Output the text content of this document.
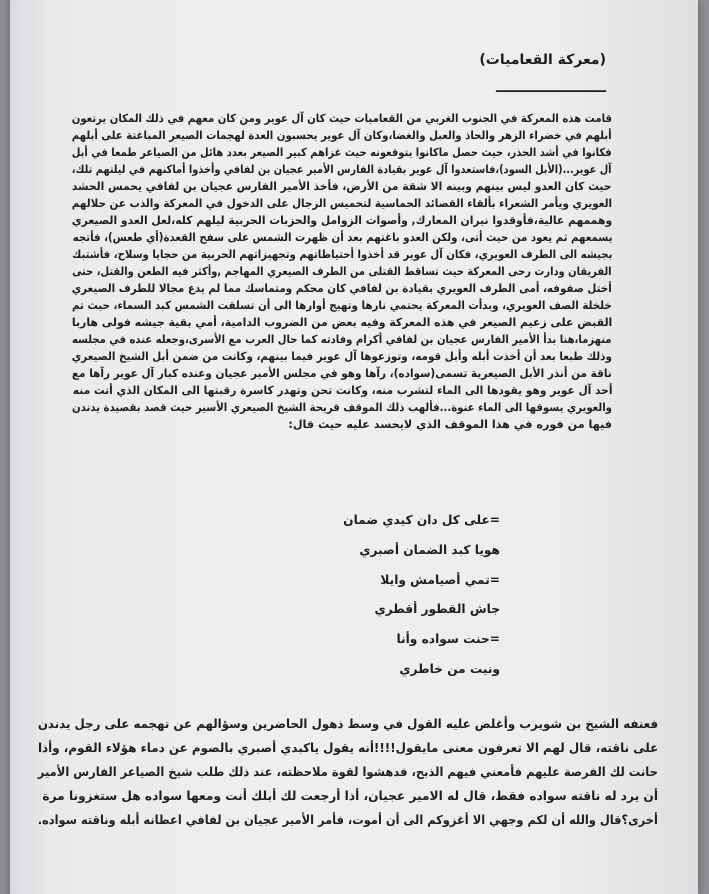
(معركة القعاميات)
ـــــــــــــــــــــــ
قامت هذه المعركة في الجنوب الغربي من القعاميات حيث كان آل عوير ومن كان معهم في ذلك المكان يرتعون
أبلهم في خضراء الزهر والحاذ والعبل والغضا،وكان آل عوير يحسبون العدة لهجمات الصيعر المباغتة على أبلهم
فكانوا في أشد الحذر، حيث حصل ماكانوا يتوقعونه حيث غزاهم كبير الصيعر بعدد هائل من الصياعر طمعا في أبل
آل عوير...(الأبل السود)،فاستعدوا آل عوير بقيادة الفارس الأمير عجيان بن لفافي وأخذوا أماكنهم في ليلتهم تلك،
حيث كان العدو ليس بينهم وبينه الا شقة من الأرض، فأخذ الأمير الفارس عجيان بن لفافي يحمس الحشد
العويري ويأمر الشعراء بألقاء القصائد الحماسية لتحميس الرجال على الدخول في المعركة والذب عن حلالهم
وهممهم عالية،فأوقدوا نيران المعارك, وأصوات الزوامل والحزبات الحربية ليلهم كله،لعل العدو الصيعري
يسمعهم ثم يعود من حيث أتى، ولكن العدو باغتهم بعد أن ظهرت الشمس على سفح القعدة(أي طعس)، فأتجه
بجيشه الى الطرف العويري، فكان آل عوير قد أخذوا أحتياطاتهم وتجهيزاتهم الحربية من حجايا وسلاح، فأشتبك
الفريقان ودارت رحى المعركة حيث تساقط القتلى من الطرف الصيعري المهاجم ,وأكثر فيه الطعن والقتل، حتى
أختل صفوفه، أمى الطرف العويري بقيادة بن لفافي كان محكم ومتماسك مما لم يدع مجالا للطرف الصيعري
خلخلة الصف العويري، وبدأت المعركة يحتمي نارها وتهيج أوارها الى أن تسلقت الشمس كبد السماء، حيث تم
القبض على زعيم الصيعر في هذه المعركة وفيه بعض من الضروب الدامية، أمي بقية جيشه فولى هاربا
منهزما،هنا بدأ الأمير الفارس عجيان بن لفافي أكرام وفادته كما حال العرب مع الأسرى،وجعله عنده في مجلسه
وذلك طبعا بعد أن أخذت أبله وأبل قومه، وتوزعوها آل عوير فيما بينهم، وكانت من ضمن أبل الشيخ الصيعري
ناقة من أنذر الأبل الصيعرية تسمى(سواده)، رآها وهو في مجلس الأمير عجيان وعنده كبار آل عوير رآها مع
أحد آل عوير وهو يقودها الى الماء لتشرب منه، وكانت تحن وتهدر كاسرة رقبتها الى المكان الذي أتت منه
والعويري يسوقها الى الماء عنوة...فألهب ذلك الموقف قريحة الشيخ الصيعري الأسير حيث قصد بقصيدة يدندن
فيها من فوره في هذا الموقف الذي لايحسد عليه حيث قال:
=على كل دان كيدي ضمان
هويا كبد الضمان أصبري
=تمي أصيامش وايلا
جاش القطور أقطري
=حنت سواده وأنا
ونيت من خاطري
فعنفه الشيخ بن شويرب وأغلض عليه القول في وسط ذهول الحاضرين وسؤالهم عن تهجمه على رجل يدندن
على ناقته، قال لهم الا تعرفون معنى مايقول!!!!أنه يقول ياكبدي أصبري بالصوم عن دماء هؤلاء القوم، وأذا
حانت لك الفرصة عليهم فأمعني فيهم الذبح، فدهشوا لقوة ملاحظته، عند ذلك طلب شيخ الصياعر الفارس الأمير
أن يرد له ناقته سواده فقط، قال له الامير عجيان، أذا أرجعت لك أبلك أنت ومعها سواده هل ستغزونا مرة
أخرى؟قال والله أن لكم وجهي الا أغزوكم الى أن أموت، فأمر الأمير عجيان بن لفافي اعطانه أبله وناقته سواده.
